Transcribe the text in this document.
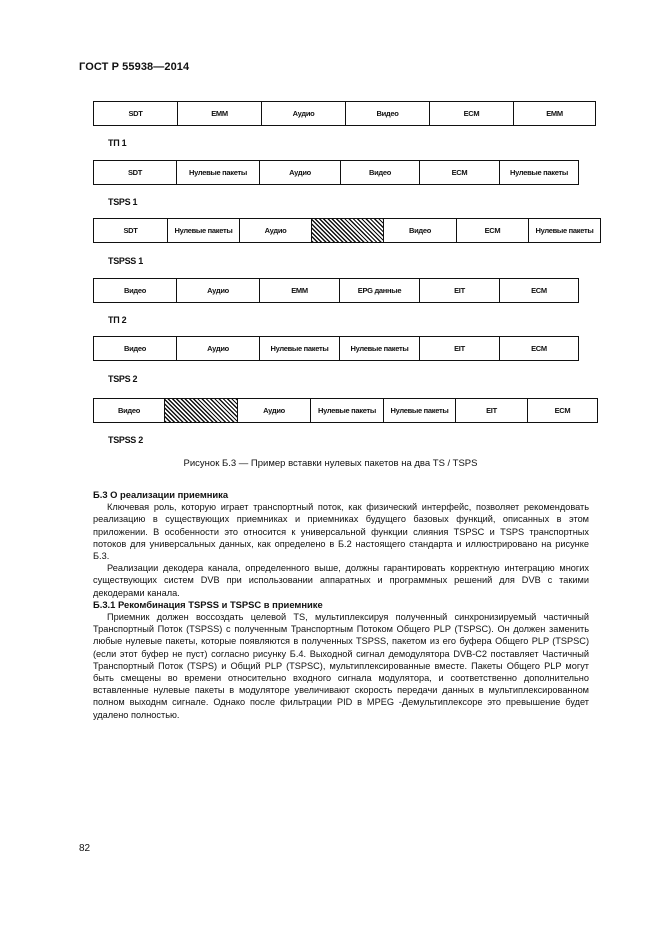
ГОСТ Р 55938—2014
SDT	EMM	Аудио	Видео	ECM	EMM
ТП 1
SDT	Нулевые пакеты	Аудио	Видео	ECM	Нулевые пакеты
TSPS 1
SDT	Нулевые пакеты	Аудио	Видео	ECM	Нулевые пакеты
TSPSS 1
Видео	Аудио	EMM	EPG данные	EIT	ECM
ТП 2
Видео	Аудио	Нулевые пакеты	Нулевые пакеты	EIT	ECM
TSPS 2
Видео	Аудио	Нулевые пакеты	Нулевые пакеты	EIT	ECM
TSPSS 2
Рисунок Б.3 — Пример вставки нулевых пакетов на два TS / TSPS
Б.3 О реализации приемника

Ключевая роль, которую играет транспортный поток, как физический интерфейс, позволяет рекомендовать реализацию в существующих приемниках и приемниках будущего базовых функций, описанных в этом приложении. В особенности это относится к универсальной функции слияния TSPSC и TSPS транспортных потоков для универсальных данных, как определено в Б.2 настоящего стандарта и иллюстрировано на рисунке Б.3.

Реализации декодера канала, определенного выше, должны гарантировать корректную интеграцию многих существующих систем DVB при использовании аппаратных и программных решений для DVB с такими декодерами канала.

Б.3.1 Рекомбинация TSPSS и TSPSC в приемнике

Приемник должен воссоздать целевой TS, мультиплексируя полученный синхронизируемый частичный Транспортный Поток (TSPSS) с полученным Транспортным Потоком Общего PLP (TSPSC). Он должен заменить любые нулевые пакеты, которые появляются в полученных TSPSS, пакетом из его буфера Общего PLP (TSPSC) (если этот буфер не пуст) согласно рисунку Б.4. Выходной сигнал демодулятора DVB-C2 поставляет Частичный Транспортный Поток (TSPS) и Общий PLP (TSPSC), мультиплексированные вместе. Пакеты Общего PLP могут быть смещены во времени относительно входного сигнала модулятора, и соответственно дополнительно вставленные нулевые пакеты в модуляторе увеличивают скорость передачи данных в мультиплексированном полном выходнм сигнале. Однако после фильтрации PID в MPEG -Демультиплексоре это превышение будет удалено полностью.

82
